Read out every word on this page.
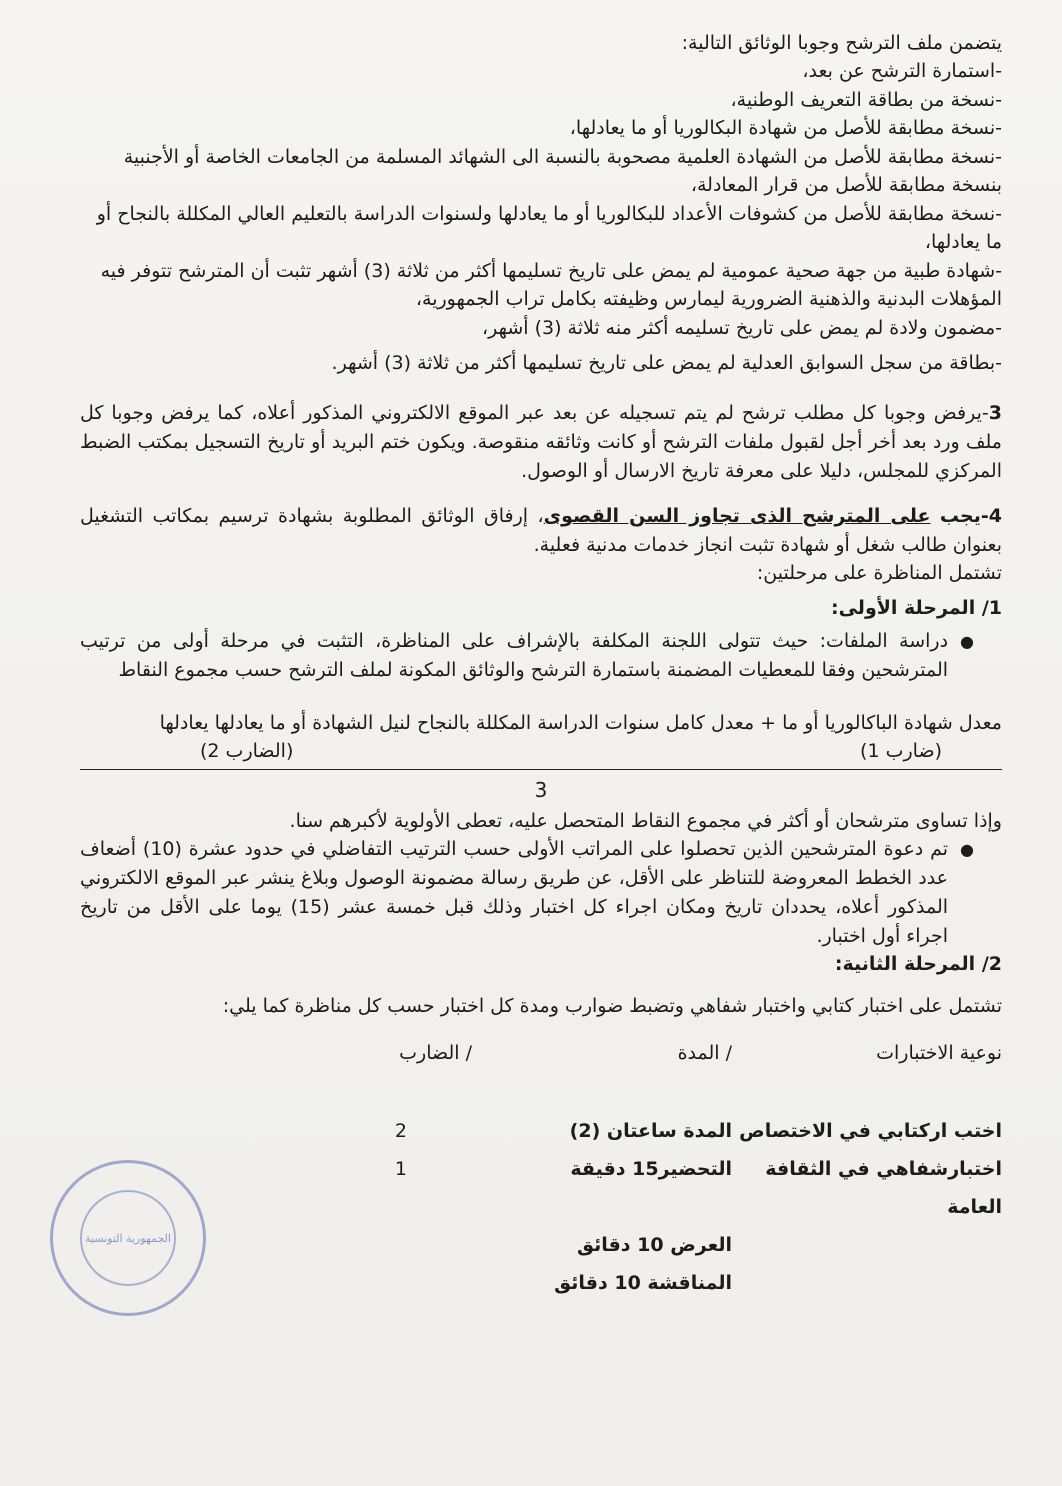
يتضمن ملف الترشح وجوبا الوثائق التالية:

-استمارة الترشح عن بعد،
-نسخة من بطاقة التعريف الوطنية،
-نسخة مطابقة للأصل من شهادة البكالوريا أو ما يعادلها،
-نسخة مطابقة للأصل من الشهادة العلمية مصحوبة بالنسبة الى الشهائد المسلمة من الجامعات الخاصة أو الأجنبية بنسخة مطابقة للأصل من قرار المعادلة،
-نسخة مطابقة للأصل من كشوفات الأعداد للبكالوريا أو ما يعادلها ولسنوات الدراسة بالتعليم العالي المكللة بالنجاح أو ما يعادلها،
-شهادة طبية من جهة صحية عمومية لم يمض على تاريخ تسليمها أكثر من ثلاثة (3) أشهر تثبت أن المترشح تتوفر فيه المؤهلات البدنية والذهنية الضرورية ليمارس وظيفته بكامل تراب الجمهورية،
-مضمون ولادة لم يمض على تاريخ تسليمه أكثر منه ثلاثة (3) أشهر،

-بطاقة من سجل السوابق العدلية لم يمض على تاريخ تسليمها أكثر من ثلاثة (3) أشهر.

3-يرفض وجوبا كل مطلب ترشح لم يتم تسجيله عن بعد عبر الموقع الالكتروني المذكور أعلاه، كما يرفض وجوبا كل ملف ورد بعد أخر أجل لقبول ملفات الترشح أو كانت وثائقه منقوصة. ويكون ختم البريد أو تاريخ التسجيل بمكتب الضبط المركزي للمجلس، دليلا على معرفة تاريخ الارسال أو الوصول.

4-يجب على المترشح الذى تجاوز السن القصوى، إرفاق الوثائق المطلوبة بشهادة ترسيم بمكاتب التشغيل بعنوان طالب شغل أو شهادة تثبت انجاز خدمات مدنية فعلية.

تشتمل المناظرة على مرحلتين:

1/ المرحلة الأولى:
●
دراسة الملفات: حيث تتولى اللجنة المكلفة بالإشراف على المناظرة، التثبت في مرحلة أولى من ترتيب المترشحين وفقا للمعطيات المضمنة باستمارة الترشح والوثائق المكونة لملف الترشح حسب مجموع النقاط
معدل شهادة الباكالوريا أو ما + معدل كامل سنوات الدراسة المكللة بالنجاح لنيل الشهادة أو ما يعادلها يعادلها
(ضارب 1)
(الضارب 2)
3

وإذا تساوى مترشحان أو أكثر في مجموع النقاط المتحصل عليه، تعطى الأولوية لأكبرهم سنا.

●
تم دعوة المترشحين الذين تحصلوا على المراتب الأولى حسب الترتيب التفاضلي في حدود عشرة (10) أضعاف عدد الخطط المعروضة للتناظر على الأقل، عن طريق رسالة مضمونة الوصول وبلاغ ينشر عبر الموقع الالكتروني المذكور أعلاه، يحددان تاريخ ومكان اجراء كل اختبار وذلك قبل خمسة عشر (15) يوما على الأقل من تاريخ اجراء أول اختبار.
2/ المرحلة الثانية:

تشتمل على اختبار كتابي واختبار شفاهي وتضبط ضوارب ومدة كل اختبار حسب كل مناظرة كما يلي:

نوعية الاختبارات
/ المدة
/ الضارب
اختب اركتابي في الاختصاص
المدة ساعتان (2)
2
اختبارشفاهي في الثقافة العامة
التحضير15 دقيقة
1
العرض 10 دقائق
المناقشة 10 دقائق
الجمهورية التونسية
